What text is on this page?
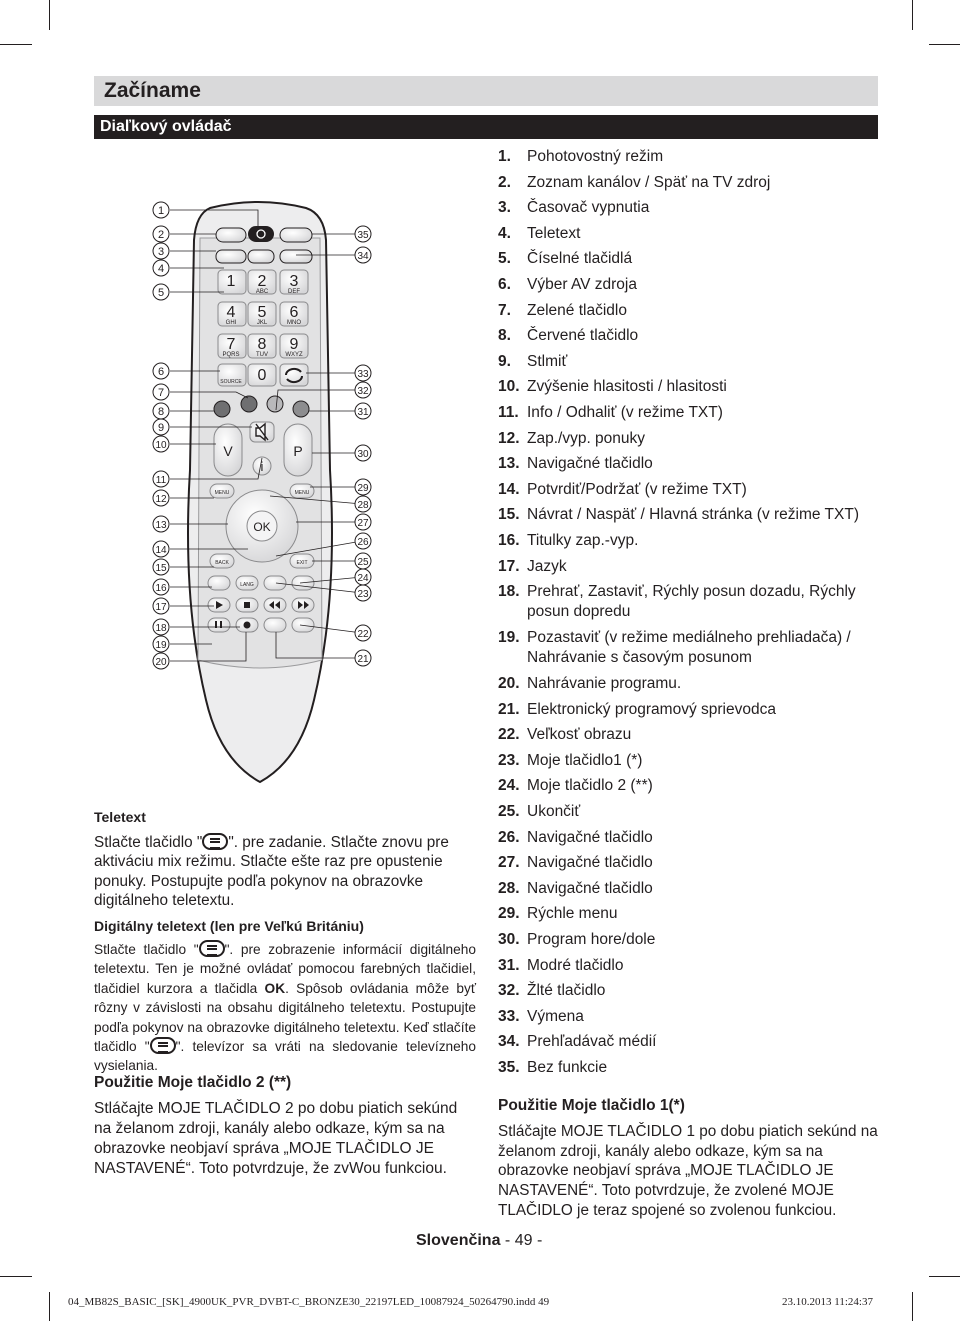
Začíname
Diaľkový ovládač
1 2
ABC
3
DEF
4
GHI
5
JKL
6
MNO
7
PQRS
8
TUV
9
WXYZ
SOURCE 0
V	P
i
MENU	MENU
OK
BACK	EXIT
LANG
1
2
3
4
5
6
7
8
9
10
11
12
13
14
15
16
17
18
19
20
35
34
33
32
31
30
29
28
27
26
25
24
23
22
21
1.	Pohotovostný režim
2.	Zoznam kanálov / Späť na TV zdroj
3.	Časovač vypnutia
4.	Teletext
5.	Číselné tlačidlá
6.	Výber AV zdroja
7.	Zelené tlačidlo
8.	Červené tlačidlo
9.	Stlmiť
10. Zvýšenie hlasitosti / hlasitosti
11. Info / Odhaliť (v režime TXT)
12. Zap./vyp. ponuky
13. Navigačné tlačidlo
14. Potvrdiť/Podržať (v režime TXT)
15. Návrat / Naspäť / Hlavná stránka (v režime TXT)
16. Titulky zap.-vyp.
17. Jazyk
18. Prehrať, Zastaviť, Rýchly posun dozadu, Rýchly posun dopredu
19. Pozastaviť (v režime mediálneho prehliadača) / Nahrávanie s časovým posunom
20. Nahrávanie programu.
21. Elektronický programový sprievodca
22. Veľkosť obrazu
23. Moje tlačidlo1 (*)
24. Moje tlačidlo 2 (**)
25. Ukončiť
26. Navigačné tlačidlo
27. Navigačné tlačidlo
28. Navigačné tlačidlo
29. Rýchle menu
30. Program hore/dole
31. Modré tlačidlo
32. Žlté tlačidlo
33. Výmena
34. Prehľadávač médií
35. Bez funkcie
Teletext

Stlačte tlačidlo " ". pre zadanie. Stlačte znovu pre aktiváciu mix režimu. Stlačte ešte raz pre opustenie ponuky. Postupujte podľa pokynov na obrazovke digitálneho teletextu.

Digitálny teletext (len pre Veľkú Britániu)

Stlačte tlačidlo " ". pre zobrazenie informácií digitálneho teletextu. Ten je možné ovládať pomocou farebných tlačidiel, tlačidiel kurzora a tlačidla OK. Spôsob ovládania môže byť rôzny v závislosti na obsahu digitálneho teletextu. Postupujte podľa pokynov na obrazovke digitálneho teletextu. Keď stlačíte tlačidlo " ". televízor sa vráti na sledovanie televízneho vysielania.

Použitie Moje tlačidlo 2 (**)

Stláčajte MOJE TLAČIDLO 2 po dobu piatich sekúnd na želanom zdroji, kanály alebo odkaze, kým sa na obrazovke neobjaví správa „MOJE TLAČIDLO JE NASTAVENÉ“. Toto potvrdzuje, že zvWou funkciou.

Použitie Moje tlačidlo 1(*)

Stláčajte MOJE TLAČIDLO 1 po dobu piatich sekúnd na želanom zdroji, kanály alebo odkaze, kým sa na obrazovke neobjaví správa „MOJE TLAČIDLO JE NASTAVENÉ“. Toto potvrdzuje, že zvolené MOJE TLAČIDLO je teraz spojené so zvolenou funkciou.

Slovenčina - 49 -
04_MB82S_BASIC_[SK]_4900UK_PVR_DVBT-C_BRONZE30_22197LED_10087924_50264790.indd 49	23.10.2013 11:24:37
